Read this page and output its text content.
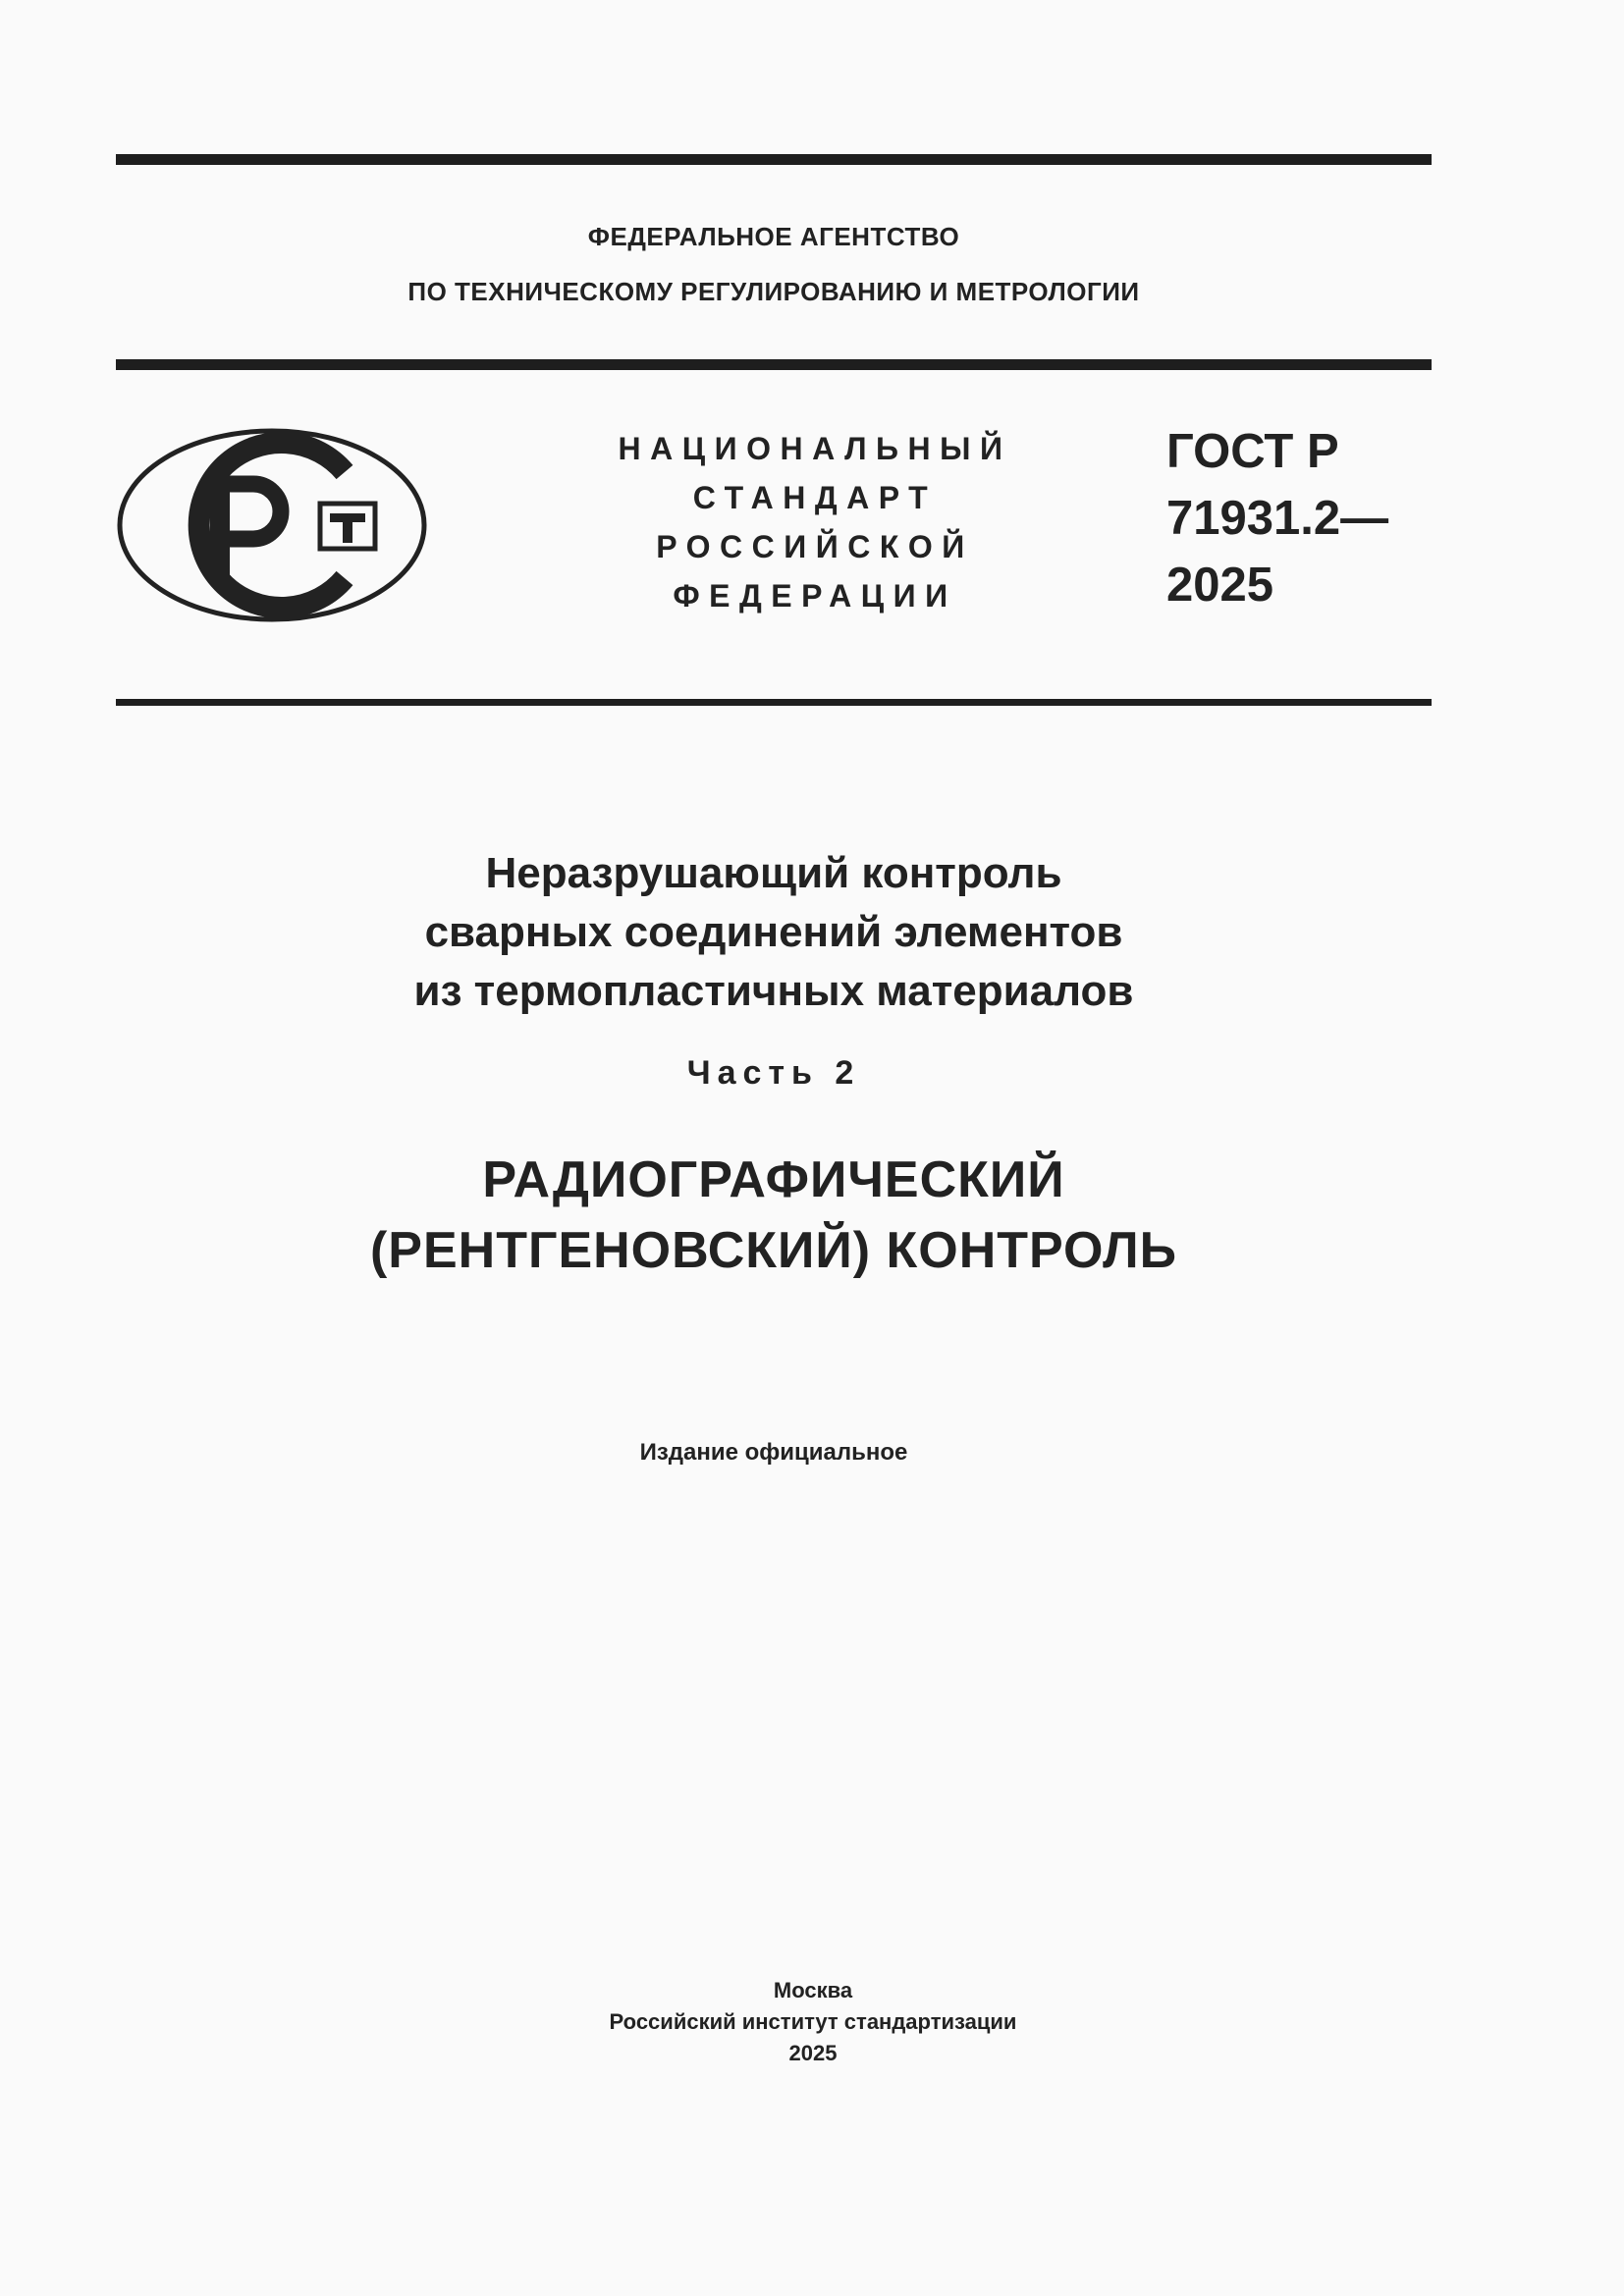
ФЕДЕРАЛЬНОЕ АГЕНТСТВО
ПО ТЕХНИЧЕСКОМУ РЕГУЛИРОВАНИЮ И МЕТРОЛОГИИ
НАЦИОНАЛЬНЫЙ
СТАНДАРТ
РОССИЙСКОЙ
ФЕДЕРАЦИИ
ГОСТ Р
71931.2—
2025
Неразрушающий контроль
сварных соединений элементов
из термопластичных материалов
Часть 2
РАДИОГРАФИЧЕСКИЙ
(РЕНТГЕНОВСКИЙ) КОНТРОЛЬ
Издание официальное
Москва
Российский институт стандартизации
2025
